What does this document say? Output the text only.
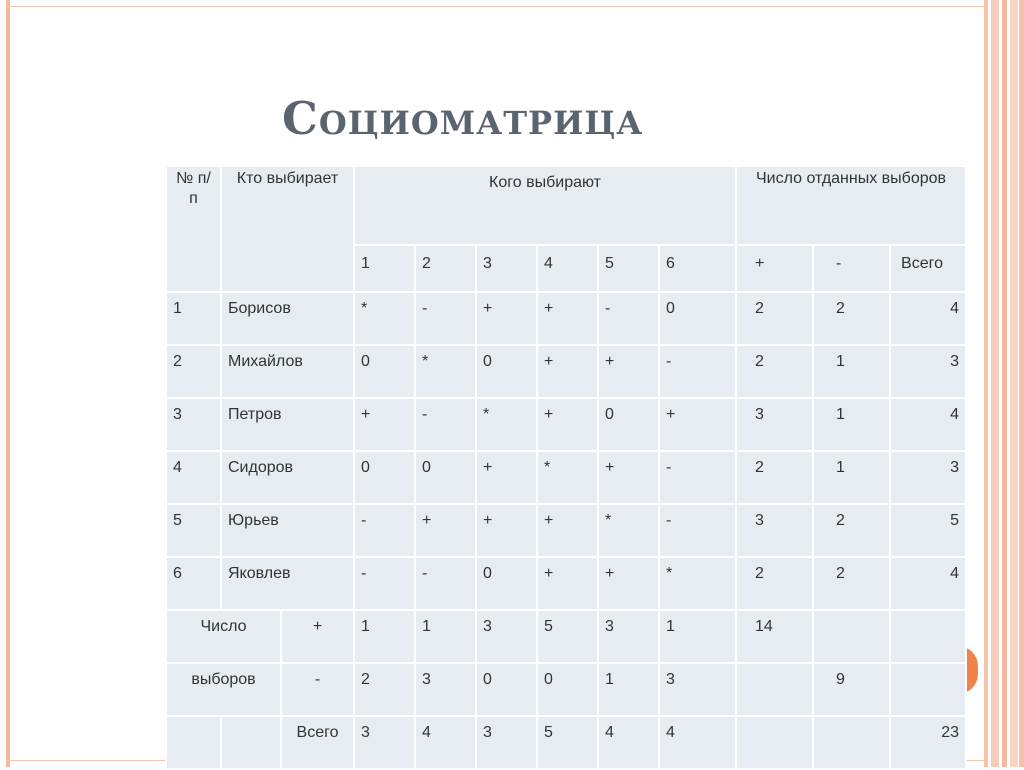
Социоматрица
№ п/п	Кто выбирает		Кого выбирают						Число отданных выборов		
			1	2	3	4	5	6	+	-	Всего
1	Борисов		*	-	+	+	-	0	2	2	4
2	Михайлов		0	*	0	+	+	-	2	1	3
3	Петров		+	-	*	+	0	+	3	1	4
4	Сидоров		0	0	+	*	+	-	2	1	3
5	Юрьев		-	+	+	+	*	-	3	2	5
6	Яковлев		-	-	0	+	+	*	2	2	4
Число		+	1	1	3	5	3	1	14		
выборов		-	2	3	0	0	1	3		9	
		Всего	3	4	3	5	4	4			23
